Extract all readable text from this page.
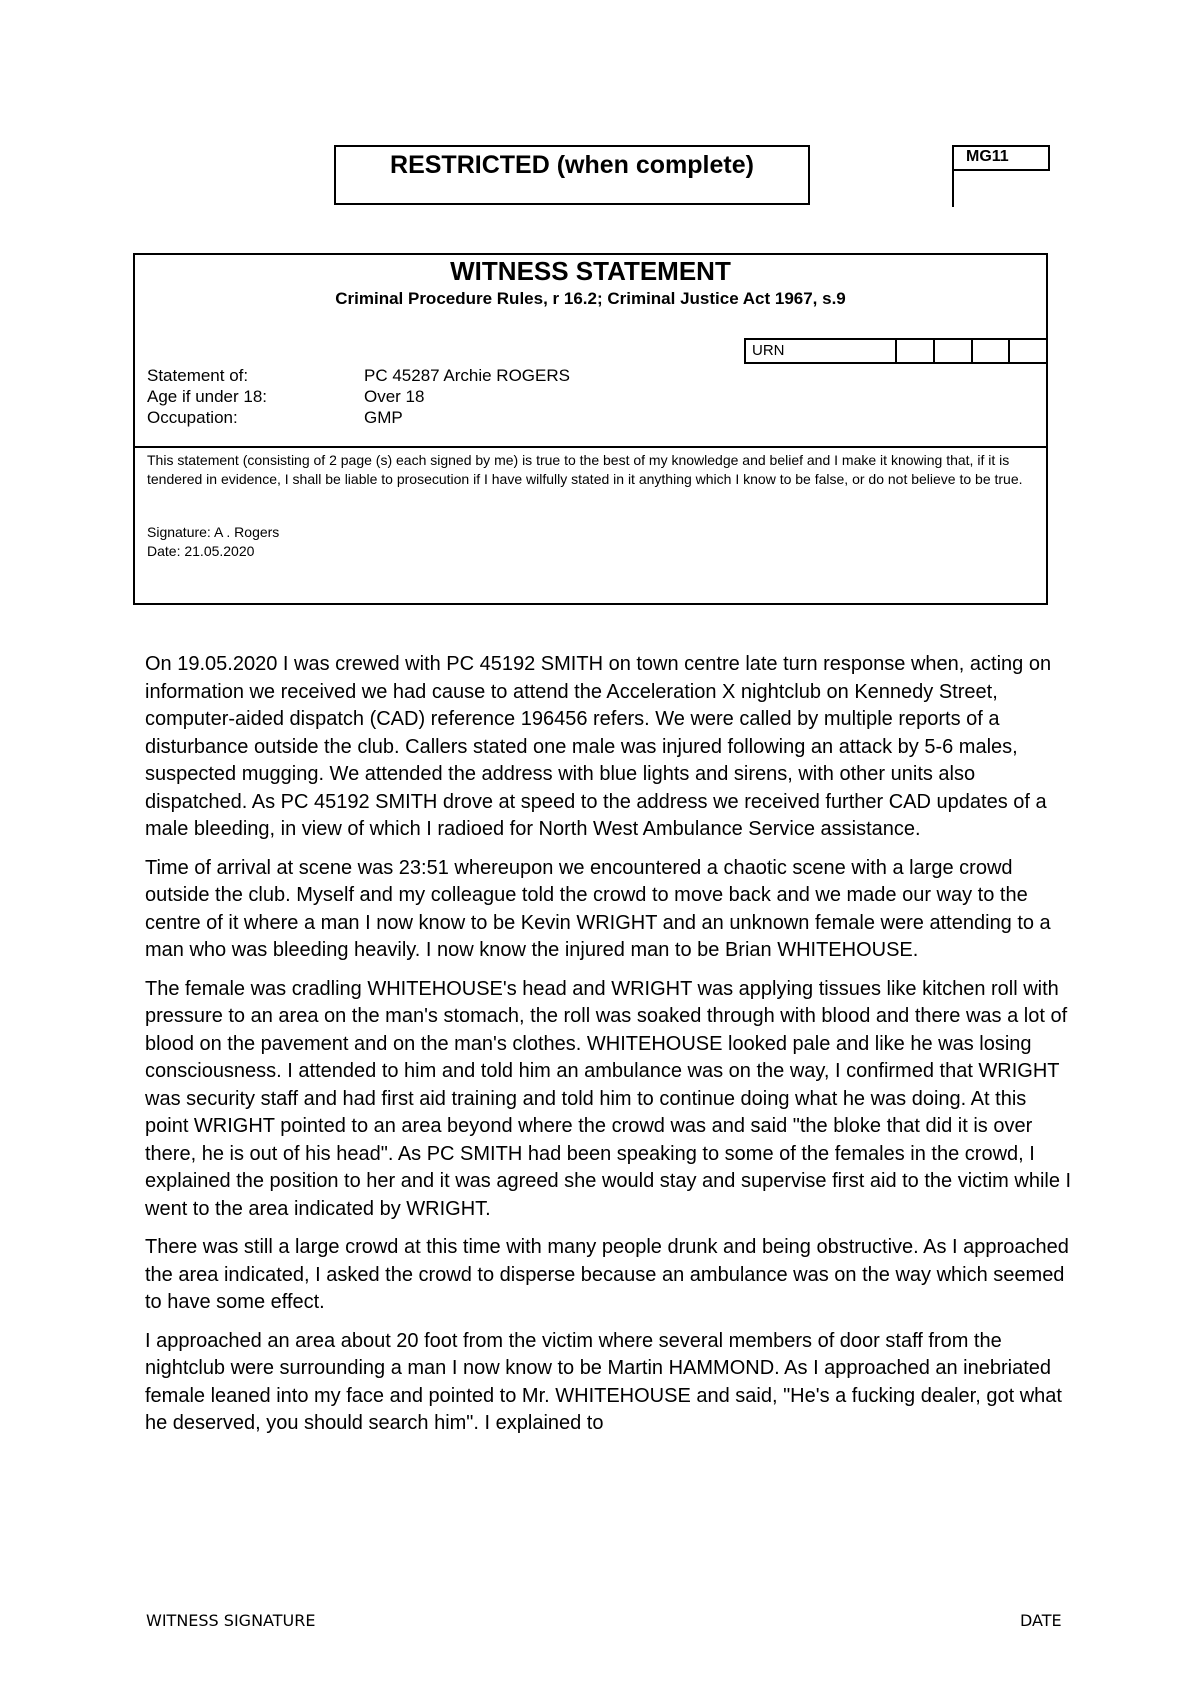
RESTRICTED (when complete)	MG11
WITNESS STATEMENT
Criminal Procedure Rules, r 16.2; Criminal Justice Act 1967, s.9
URN
Statement of:	PC 45287 Archie ROGERS
Age if under 18:	Over 18
Occupation:	GMP
This statement (consisting of 2 page (s) each signed by me) is true to the best of my knowledge and belief and I make it knowing that, if it is tendered in evidence, I shall be liable to prosecution if I have wilfully stated in it anything which I know to be false, or do not believe to be true.
Signature: A . Rogers
Date: 21.05.2020

On 19.05.2020 I was crewed with PC 45192 SMITH on town centre late turn response when, acting on information we received we had cause to attend the Acceleration X nightclub on Kennedy Street, computer-aided dispatch (CAD) reference 196456 refers. We were called by multiple reports of a disturbance outside the club. Callers stated one male was injured following an attack by 5-6 males, suspected mugging. We attended the address with blue lights and sirens, with other units also dispatched. As PC 45192 SMITH drove at speed to the address we received further CAD updates of a male bleeding, in view of which I radioed for North West Ambulance Service assistance.

Time of arrival at scene was 23:51 whereupon we encountered a chaotic scene with a large crowd outside the club. Myself and my colleague told the crowd to move back and we made our way to the centre of it where a man I now know to be Kevin WRIGHT and an unknown female were attending to a man who was bleeding heavily. I now know the injured man to be Brian WHITEHOUSE.

The female was cradling WHITEHOUSE's head and WRIGHT was applying tissues like kitchen roll with pressure to an area on the man's stomach, the roll was soaked through with blood and there was a lot of blood on the pavement and on the man's clothes. WHITEHOUSE looked pale and like he was losing consciousness. I attended to him and told him an ambulance was on the way, I confirmed that WRIGHT was security staff and had first aid training and told him to continue doing what he was doing. At this point WRIGHT pointed to an area beyond where the crowd was and said "the bloke that did it is over there, he is out of his head". As PC SMITH had been speaking to some of the females in the crowd, I explained the position to her and it was agreed she would stay and supervise first aid to the victim while I went to the area indicated by WRIGHT.

There was still a large crowd at this time with many people drunk and being obstructive. As I approached the area indicated, I asked the crowd to disperse because an ambulance was on the way which seemed to have some effect.

I approached an area about 20 foot from the victim where several members of door staff from the nightclub were surrounding a man I now know to be Martin HAMMOND. As I approached an inebriated female leaned into my face and pointed to Mr. WHITEHOUSE and said, "He's a fucking dealer, got what he deserved, you should search him". I explained to

WITNESS SIGNATURE	DATE
